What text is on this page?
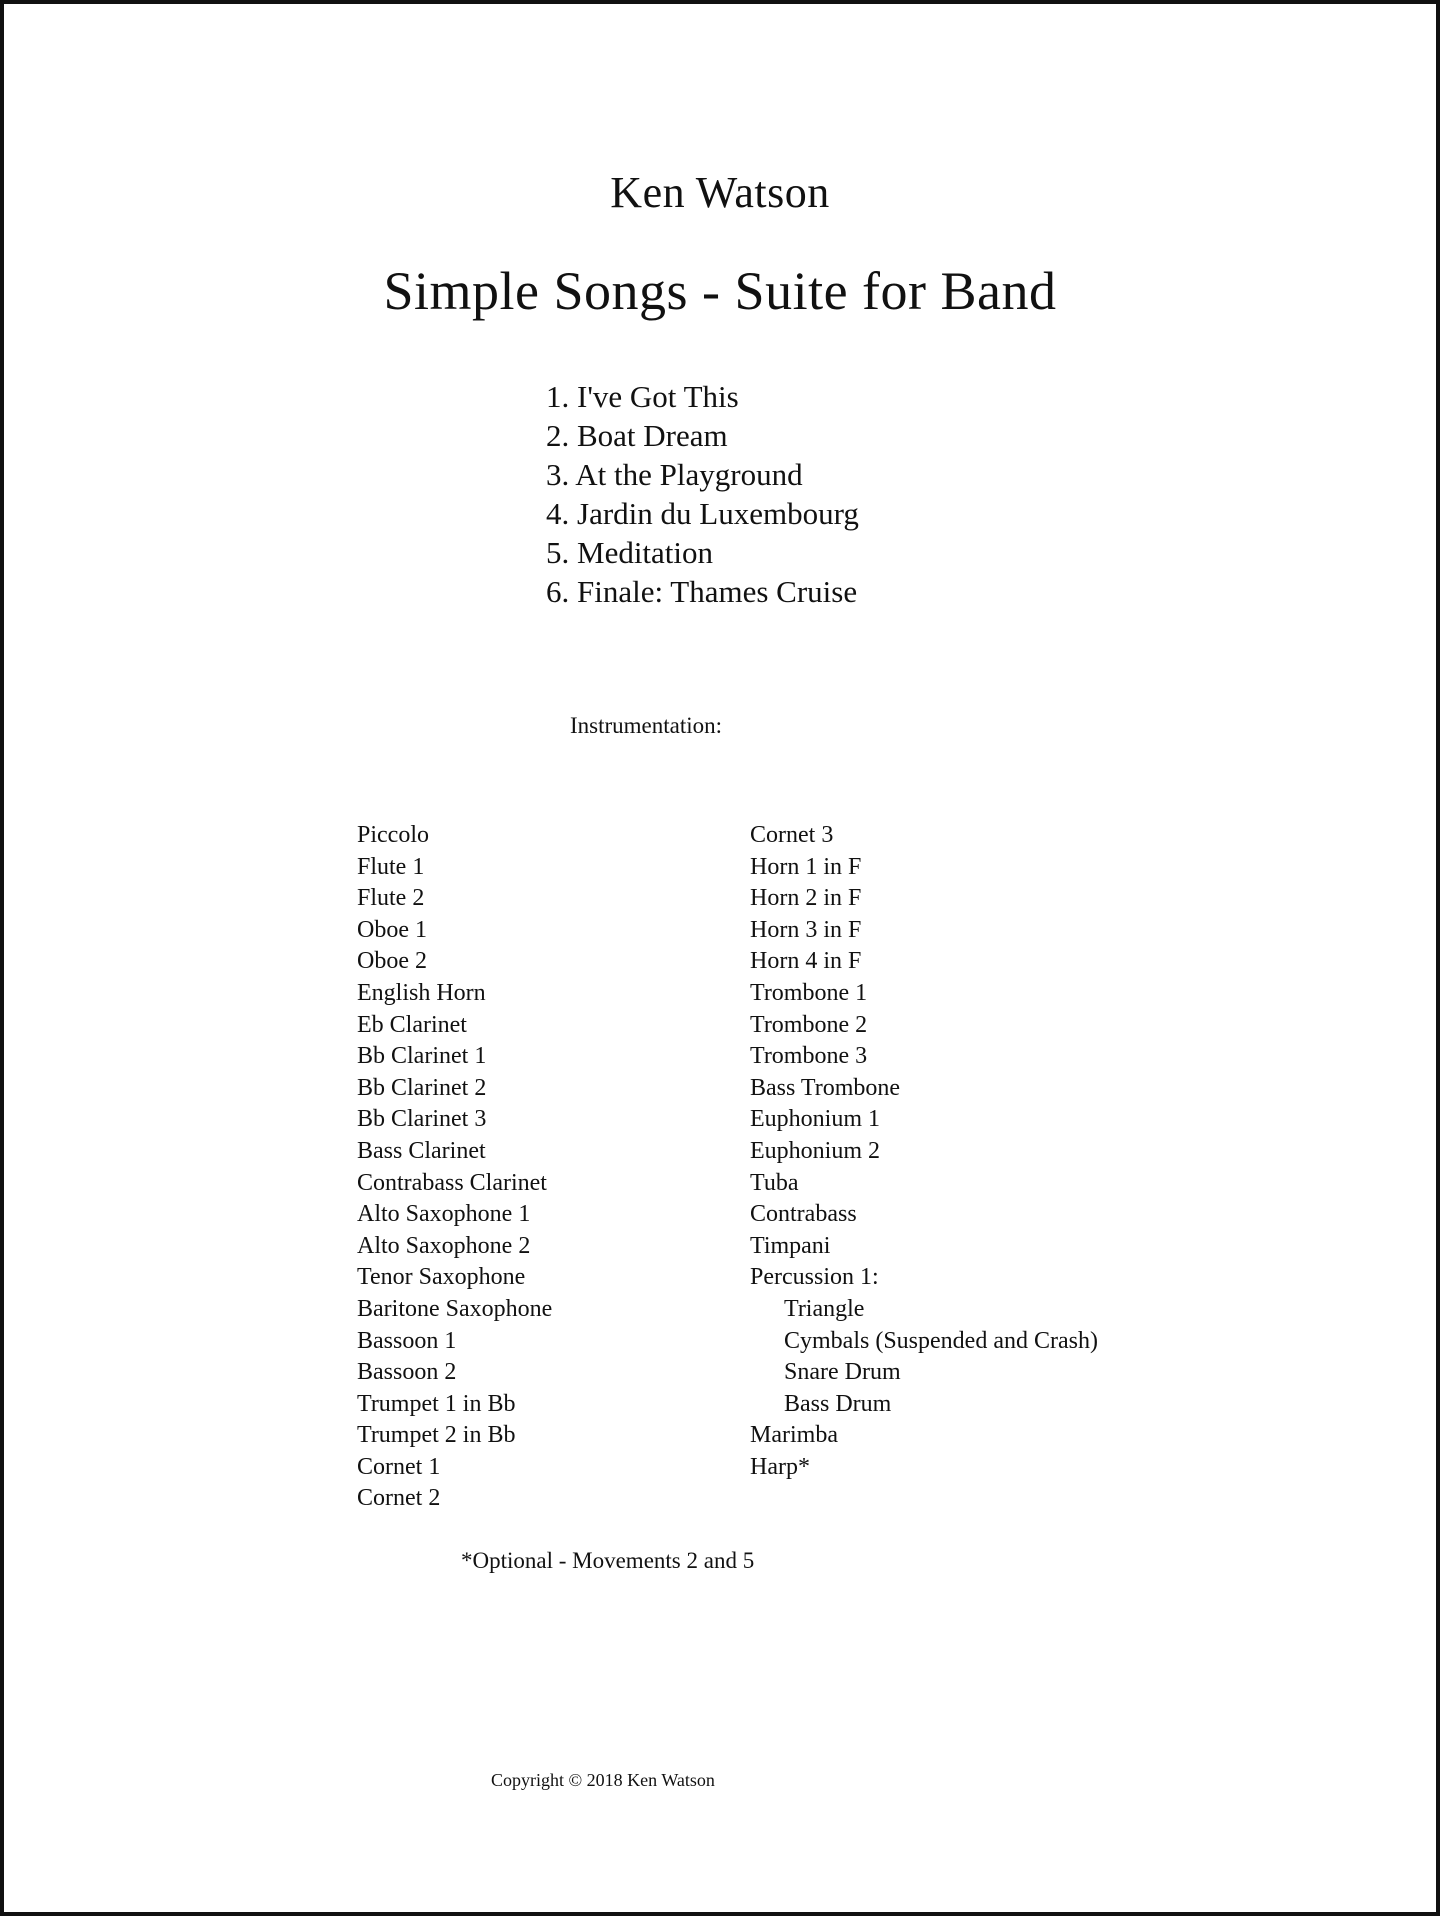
Ken Watson
Simple Songs - Suite for Band
1. I've Got This
2. Boat Dream
3. At the Playground
4. Jardin du Luxembourg
5. Meditation
6. Finale: Thames Cruise
Instrumentation:
Piccolo
Flute 1
Flute 2
Oboe 1
Oboe 2
English Horn
Eb Clarinet
Bb Clarinet 1
Bb Clarinet 2
Bb Clarinet 3
Bass Clarinet
Contrabass Clarinet
Alto Saxophone 1
Alto Saxophone 2
Tenor Saxophone
Baritone Saxophone
Bassoon 1
Bassoon 2
Trumpet 1 in Bb
Trumpet 2 in Bb
Cornet 1
Cornet 2
Cornet 3
Horn 1 in F
Horn 2 in F
Horn 3 in F
Horn 4 in F
Trombone 1
Trombone 2
Trombone 3
Bass Trombone
Euphonium 1
Euphonium 2
Tuba
Contrabass
Timpani
Percussion 1:
Triangle
Cymbals (Suspended and Crash)
Snare Drum
Bass Drum
Marimba
Harp*
*Optional - Movements 2 and 5
Copyright © 2018 Ken Watson
